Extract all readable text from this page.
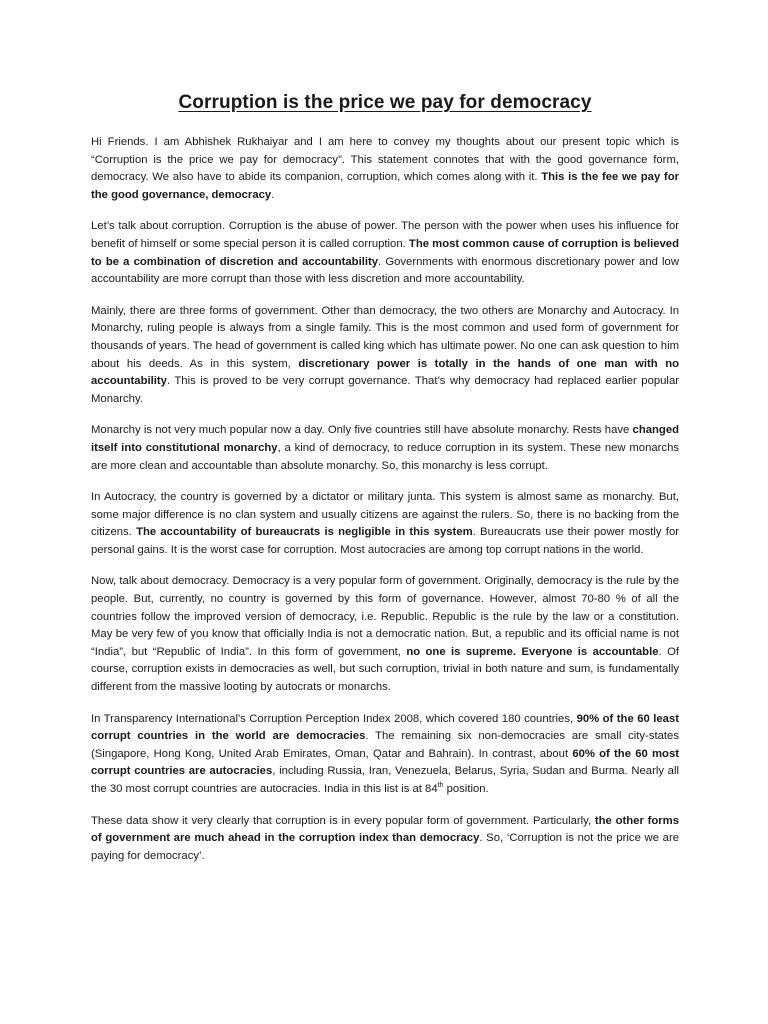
Corruption is the price we pay for democracy

Hi Friends. I am Abhishek Rukhaiyar and I am here to convey my thoughts about our present topic which is “Corruption is the price we pay for democracy”. This statement connotes that with the good governance form, democracy. We also have to abide its companion, corruption, which comes along with it. This is the fee we pay for the good governance, democracy.

Let’s talk about corruption. Corruption is the abuse of power. The person with the power when uses his influence for benefit of himself or some special person it is called corruption. The most common cause of corruption is believed to be a combination of discretion and accountability. Governments with enormous discretionary power and low accountability are more corrupt than those with less discretion and more accountability.

Mainly, there are three forms of government. Other than democracy, the two others are Monarchy and Autocracy. In Monarchy, ruling people is always from a single family. This is the most common and used form of government for thousands of years. The head of government is called king which has ultimate power. No one can ask question to him about his deeds. As in this system, discretionary power is totally in the hands of one man with no accountability. This is proved to be very corrupt governance. That’s why democracy had replaced earlier popular Monarchy.

Monarchy is not very much popular now a day. Only five countries still have absolute monarchy. Rests have changed itself into constitutional monarchy, a kind of democracy, to reduce corruption in its system. These new monarchs are more clean and accountable than absolute monarchy. So, this monarchy is less corrupt.

In Autocracy, the country is governed by a dictator or military junta. This system is almost same as monarchy. But, some major difference is no clan system and usually citizens are against the rulers. So, there is no backing from the citizens. The accountability of bureaucrats is negligible in this system. Bureaucrats use their power mostly for personal gains. It is the worst case for corruption. Most autocracies are among top corrupt nations in the world.

Now, talk about democracy. Democracy is a very popular form of government. Originally, democracy is the rule by the people. But, currently, no country is governed by this form of governance. However, almost 70-80 % of all the countries follow the improved version of democracy, i.e. Republic. Republic is the rule by the law or a constitution. May be very few of you know that officially India is not a democratic nation. But, a republic and its official name is not “India”, but “Republic of India”. In this form of government, no one is supreme. Everyone is accountable. Of course, corruption exists in democracies as well, but such corruption, trivial in both nature and sum, is fundamentally different from the massive looting by autocrats or monarchs.

In Transparency International's Corruption Perception Index 2008, which covered 180 countries, 90% of the 60 least corrupt countries in the world are democracies. The remaining six non-democracies are small city-states (Singapore, Hong Kong, United Arab Emirates, Oman, Qatar and Bahrain). In contrast, about 60% of the 60 most corrupt countries are autocracies, including Russia, Iran, Venezuela, Belarus, Syria, Sudan and Burma. Nearly all the 30 most corrupt countries are autocracies. India in this list is at 84th position.

These data show it very clearly that corruption is in every popular form of government. Particularly, the other forms of government are much ahead in the corruption index than democracy. So, ‘Corruption is not the price we are paying for democracy’.
